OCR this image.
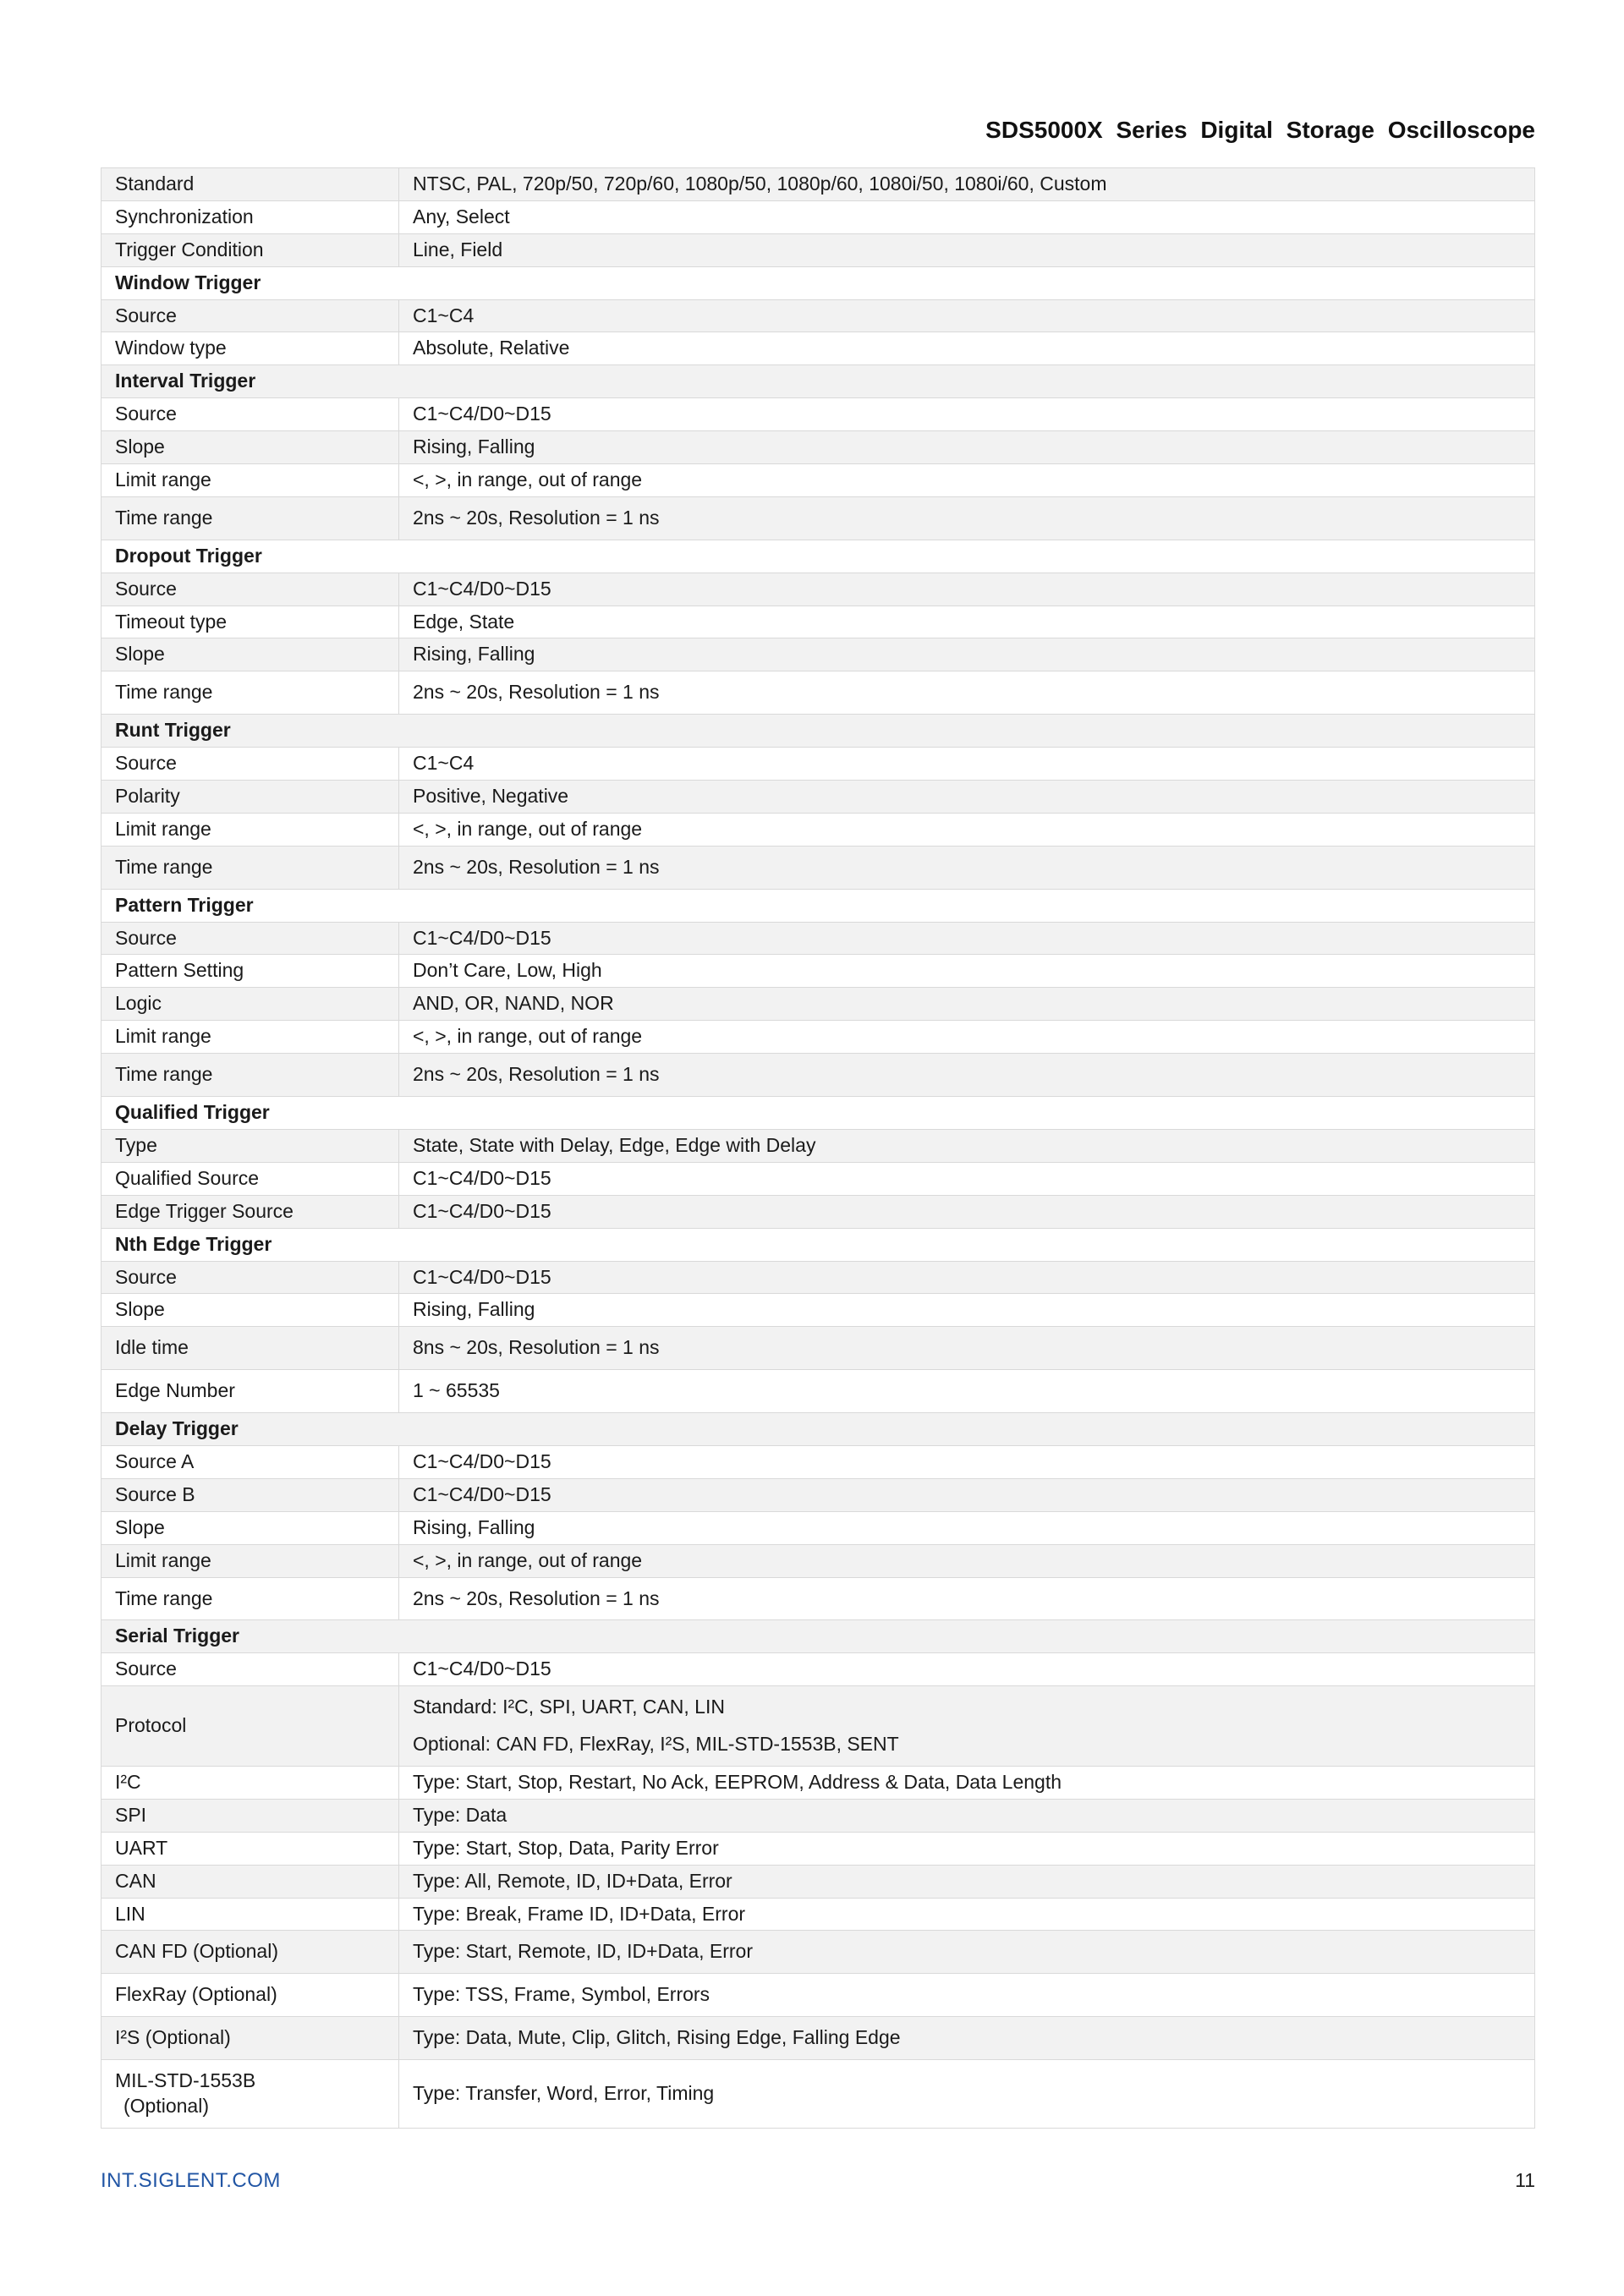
SDS5000X Series Digital Storage Oscilloscope
Standard	NTSC, PAL, 720p/50, 720p/60, 1080p/50, 1080p/60, 1080i/50, 1080i/60, Custom

Synchronization	Any, Select

Trigger Condition	Line, Field

Window Trigger	

Source	C1~C4

Window type	Absolute, Relative

Interval Trigger	

Source	C1~C4/D0~D15

Slope	Rising, Falling

Limit range	<, >, in range, out of range

Time range	2ns ~ 20s, Resolution = 1 ns

Dropout Trigger	

Source	C1~C4/D0~D15

Timeout type	Edge, State

Slope	Rising, Falling

Time range	2ns ~ 20s, Resolution = 1 ns

Runt Trigger	

Source	C1~C4

Polarity	Positive, Negative

Limit range	<, >, in range, out of range

Time range	2ns ~ 20s, Resolution = 1 ns

Pattern Trigger	

Source	C1~C4/D0~D15

Pattern Setting	Don’t Care, Low, High

Logic	AND, OR, NAND, NOR

Limit range	<, >, in range, out of range

Time range	2ns ~ 20s, Resolution = 1 ns

Qualified Trigger	

Type	State, State with Delay, Edge, Edge with Delay

Qualified Source	C1~C4/D0~D15

Edge Trigger Source	C1~C4/D0~D15

Nth Edge Trigger	

Source	C1~C4/D0~D15

Slope	Rising, Falling

Idle time	8ns ~ 20s, Resolution = 1 ns

Edge Number	1 ~ 65535

Delay Trigger	

Source A	C1~C4/D0~D15

Source B	C1~C4/D0~D15

Slope	Rising, Falling

Limit range	<, >, in range, out of range

Time range	2ns ~ 20s, Resolution = 1 ns

Serial Trigger	

Source	C1~C4/D0~D15

Protocol	Standard: I²C, SPI, UART, CAN, LIN
Optional: CAN FD, FlexRay, I²S, MIL-STD-1553B, SENT

I²C	Type: Start, Stop, Restart, No Ack, EEPROM, Address & Data, Data Length

SPI	Type: Data

UART	Type: Start, Stop, Data, Parity Error

CAN	Type: All, Remote, ID, ID+Data, Error

LIN	Type: Break, Frame ID, ID+Data, Error

CAN FD (Optional)	Type: Start, Remote, ID, ID+Data, Error

FlexRay (Optional)	Type: TSS, Frame, Symbol, Errors

I²S (Optional)	Type: Data, Mute, Clip, Glitch, Rising Edge, Falling Edge

MIL-STD-1553B
(Optional)	Type: Transfer, Word, Error, Timing
INT.SIGLENT.COM	11
